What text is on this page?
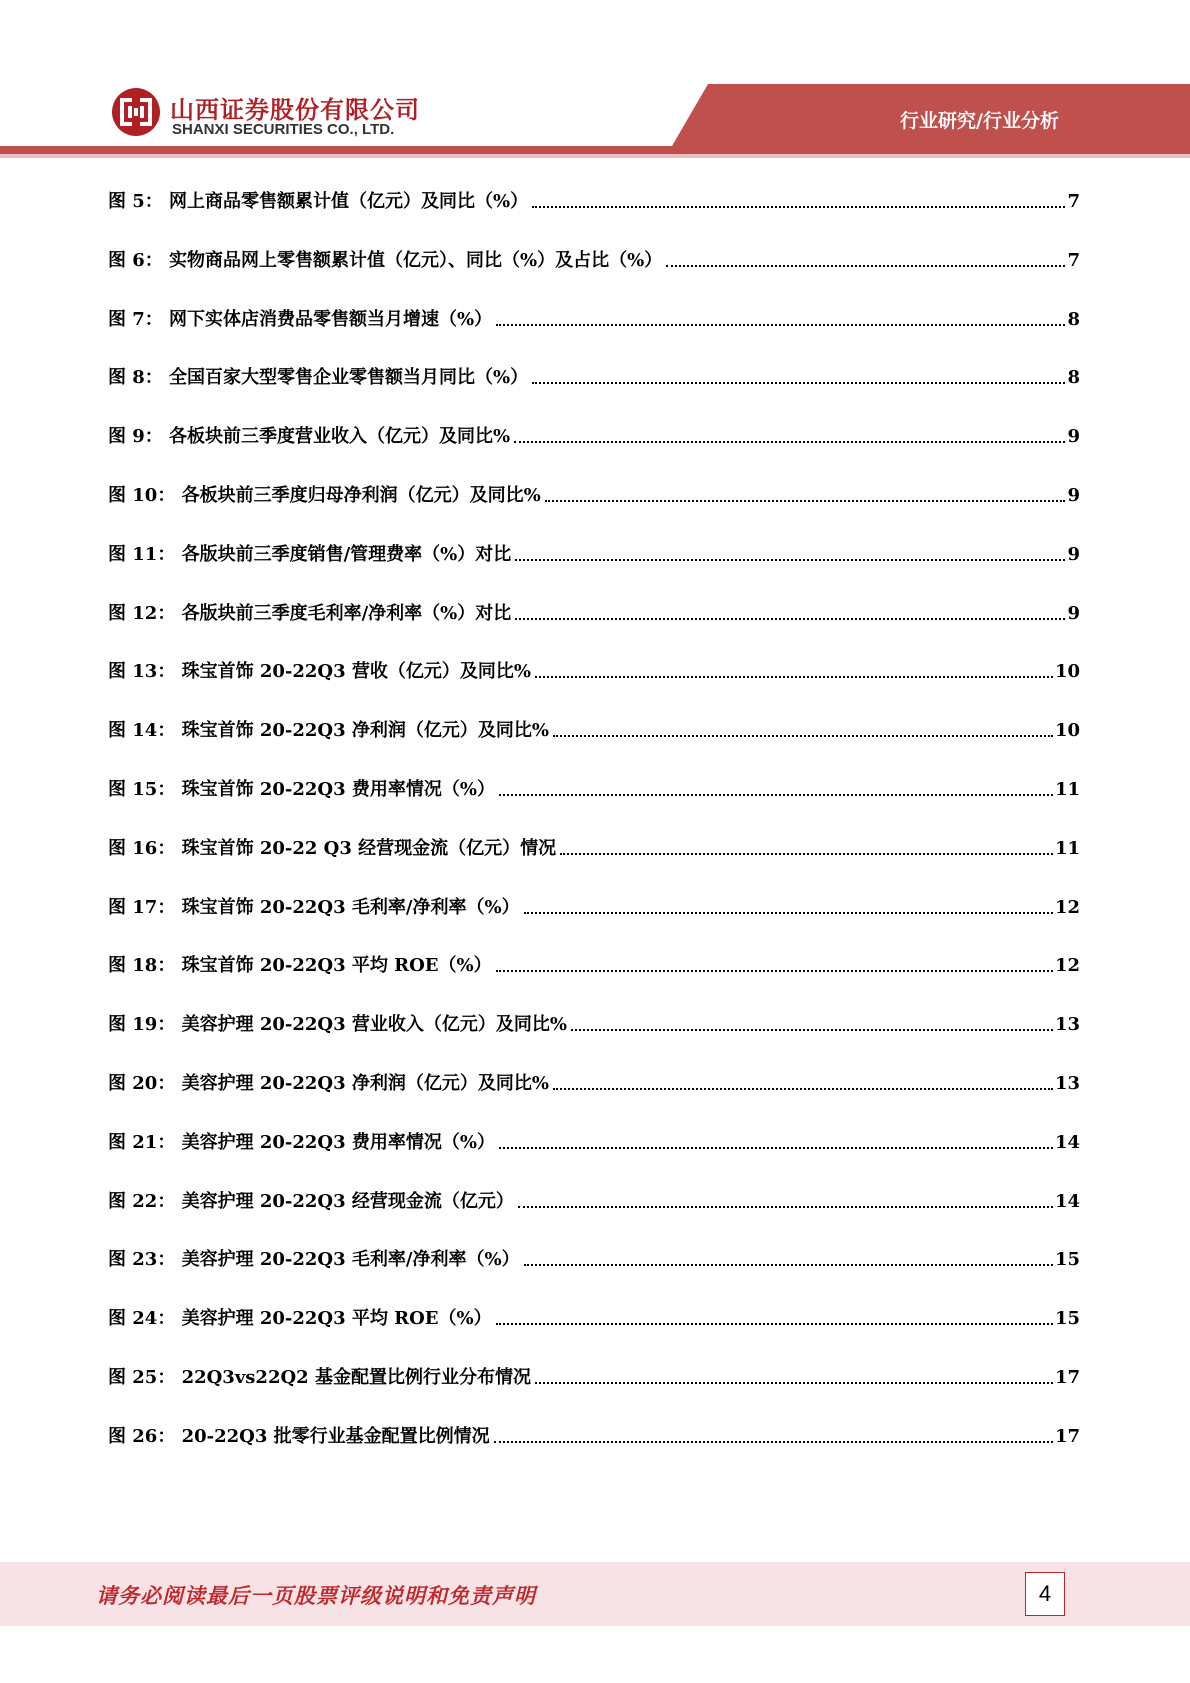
山西证券股份有限公司
SHANXI SECURITIES CO., LTD.	行业研究/行业分析
图 5： 网上商品零售额累计值（亿元）及同比（%）	7
图 6： 实物商品网上零售额累计值（亿元）、同比（%）及占比（%）	7
图 7： 网下实体店消费品零售额当月增速（%）	8
图 8： 全国百家大型零售企业零售额当月同比（%）	8
图 9： 各板块前三季度营业收入（亿元）及同比%	9
图 10： 各板块前三季度归母净利润（亿元）及同比%	9
图 11： 各版块前三季度销售/管理费率（%）对比	9
图 12： 各版块前三季度毛利率/净利率（%）对比	9
图 13： 珠宝首饰 20-22Q3 营收（亿元）及同比%	10
图 14： 珠宝首饰 20-22Q3 净利润（亿元）及同比%	10
图 15： 珠宝首饰 20-22Q3 费用率情况（%）	11
图 16： 珠宝首饰 20-22 Q3 经营现金流（亿元）情况	11
图 17： 珠宝首饰 20-22Q3 毛利率/净利率（%）	12
图 18： 珠宝首饰 20-22Q3 平均 ROE（%）	12
图 19： 美容护理 20-22Q3 营业收入（亿元）及同比%	13
图 20： 美容护理 20-22Q3 净利润（亿元）及同比%	13
图 21： 美容护理 20-22Q3 费用率情况（%）	14
图 22： 美容护理 20-22Q3 经营现金流（亿元）	14
图 23： 美容护理 20-22Q3 毛利率/净利率（%）	15
图 24： 美容护理 20-22Q3 平均 ROE（%）	15
图 25： 22Q3vs22Q2 基金配置比例行业分布情况	17
图 26： 20-22Q3 批零行业基金配置比例情况	17
请务必阅读最后一页股票评级说明和免责声明	4
